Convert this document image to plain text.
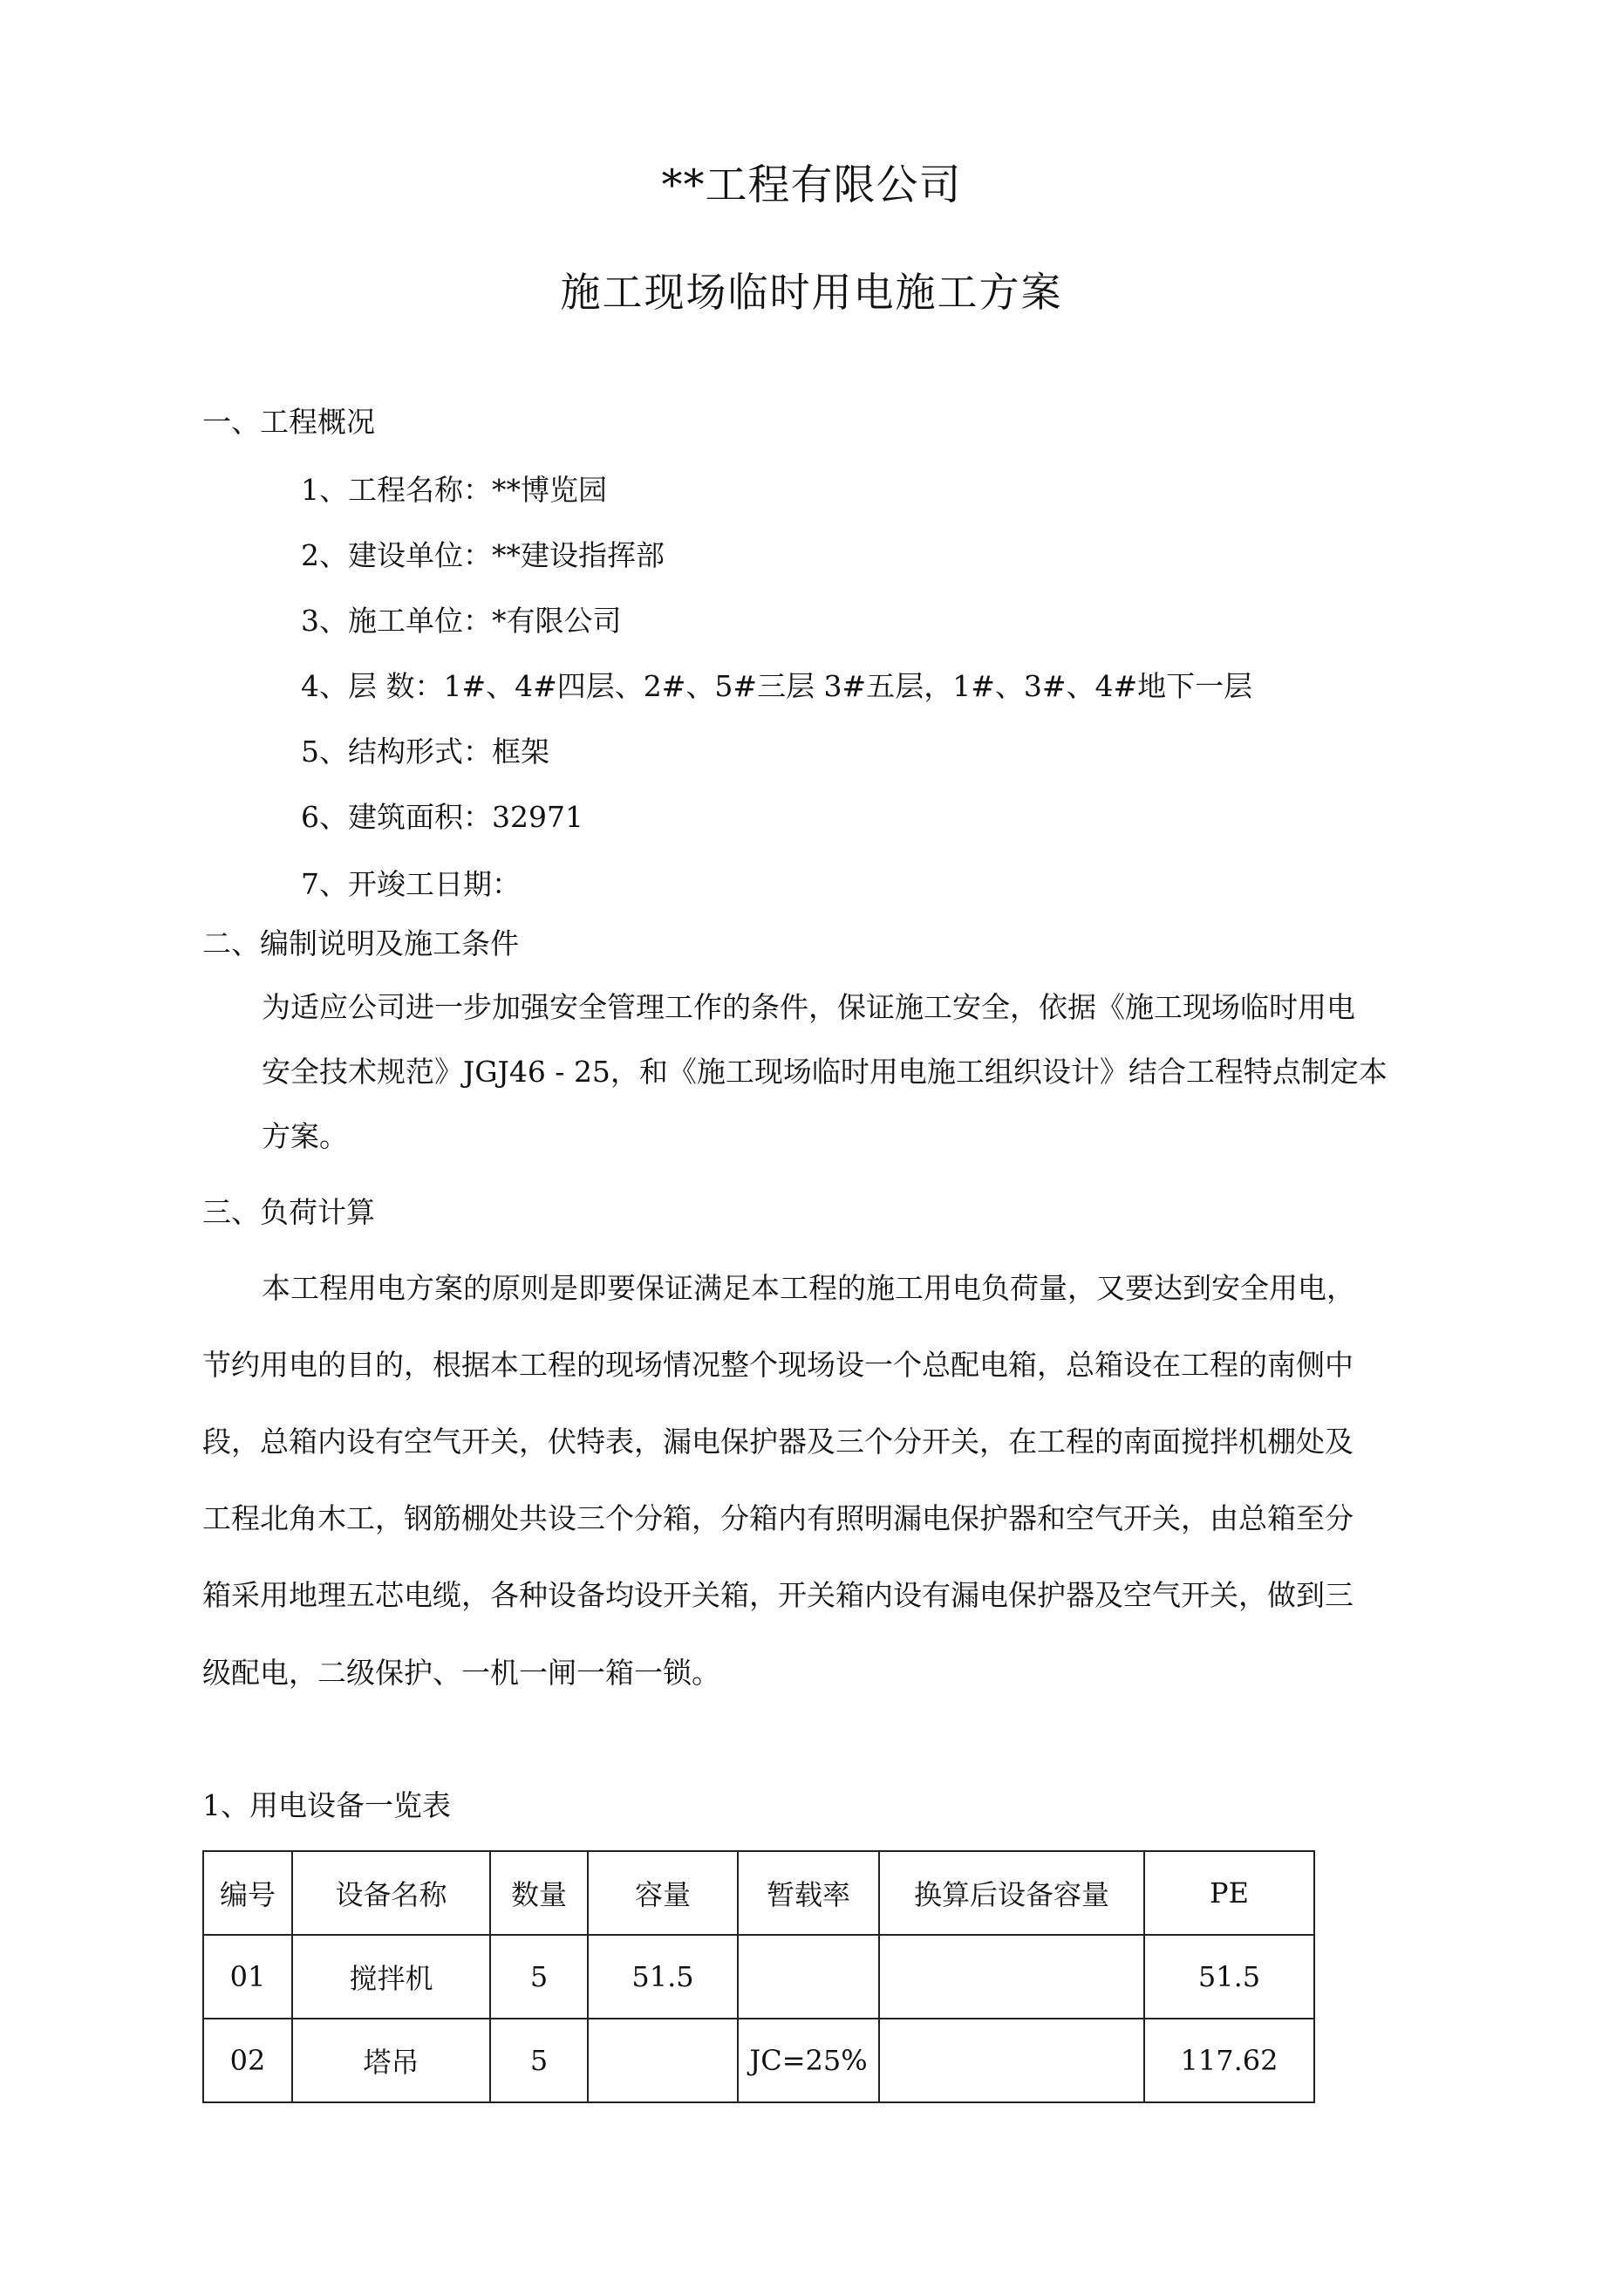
**工程有限公司
施工现场临时用电施工方案
一、工程概况
1、工程名称：**博览园
2、建设单位：**建设指挥部
3、施工单位：*有限公司
4、层 数：1#、4#四层、2#、5#三层 3#五层，1#、3#、4#地下一层
5、结构形式：框架
6、建筑面积：32971
7、开竣工日期：
二、编制说明及施工条件
为适应公司进一步加强安全管理工作的条件，保证施工安全，依据《施工现场临时用电
安全技术规范》JGJ46 - 25，和《施工现场临时用电施工组织设计》结合工程特点制定本
方案。
三、负荷计算
本工程用电方案的原则是即要保证满足本工程的施工用电负荷量，又要达到安全用电，
节约用电的目的，根据本工程的现场情况整个现场设一个总配电箱，总箱设在工程的南侧中
段，总箱内设有空气开关，伏特表，漏电保护器及三个分开关，在工程的南面搅拌机棚处及
工程北角木工，钢筋棚处共设三个分箱，分箱内有照明漏电保护器和空气开关，由总箱至分
箱采用地理五芯电缆，各种设备均设开关箱，开关箱内设有漏电保护器及空气开关，做到三
级配电，二级保护、一机一闸一箱一锁。
1、用电设备一览表
编号	设备名称	数量	容量	暂载率	换算后设备容量	PE
01	搅拌机	5	51.5			51.5
02	塔吊	5		JC=25%		117.62
